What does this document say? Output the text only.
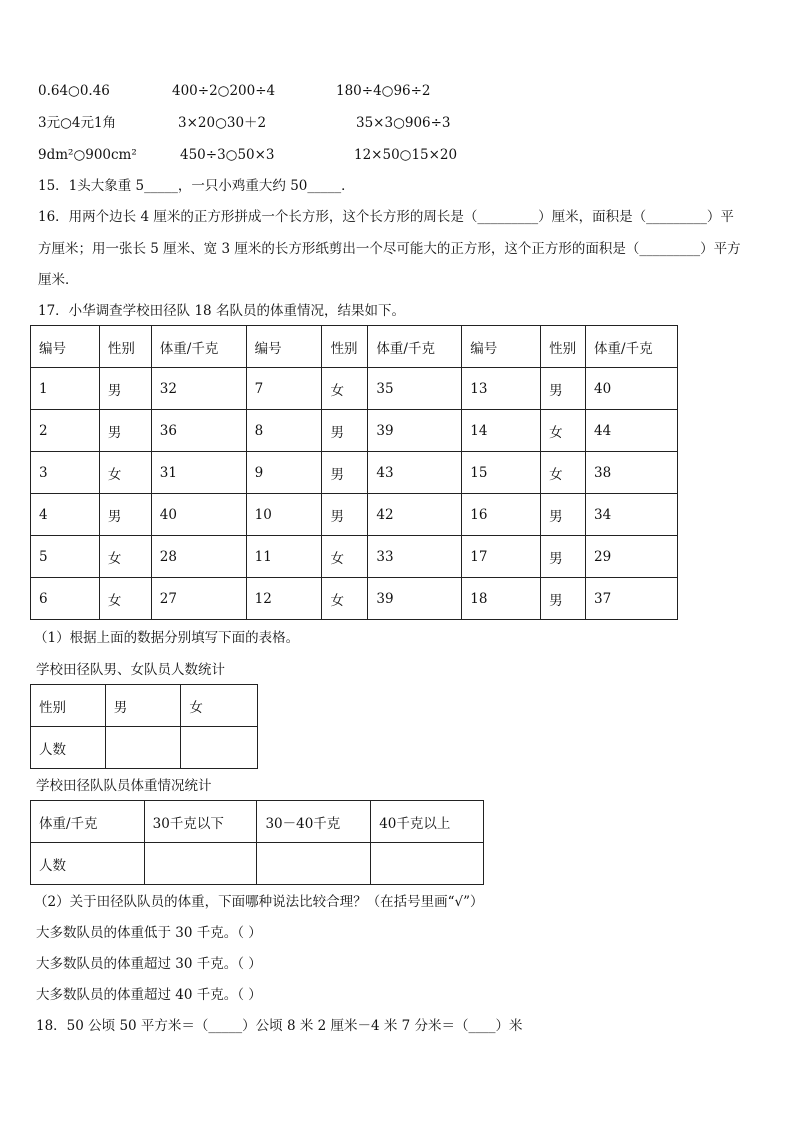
0.64○0.46	400÷2○200÷4	180÷4○96÷2
3元○4元1角	3×20○30＋2	35×3○906÷3
9dm²○900cm²	450÷3○50×3	12×50○15×20
15．1头大象重 5_____，一只小鸡重大约 50_____．
16．用两个边长 4 厘米的正方形拼成一个长方形，这个长方形的周长是（_________）厘米，面积是（_________）平
方厘米；用一张长 5 厘米、宽 3 厘米的长方形纸剪出一个尽可能大的正方形，这个正方形的面积是（_________）平方
厘米．
17．小华调查学校田径队 18 名队员的体重情况，结果如下。
编号	性别	体重/千克	编号	性别	体重/千克	编号	性别	体重/千克
1	男	32	7	女	35	13	男	40
2	男	36	8	男	39	14	女	44
3	女	31	9	男	43	15	女	38
4	男	40	10	男	42	16	男	34
5	女	28	11	女	33	17	男	29
6	女	27	12	女	39	18	男	37
（1）根据上面的数据分别填写下面的表格。
学校田径队男、女队员人数统计
性别	男	女
人数		
学校田径队队员体重情况统计
体重/千克	30千克以下	30－40千克	40千克以上
人数			
（2）关于田径队队员的体重，下面哪种说法比较合理？（在括号里画“√”）
大多数队员的体重低于 30 千克。（ ）
大多数队员的体重超过 30 千克。（ ）
大多数队员的体重超过 40 千克。（ ）
18．50 公顷 50 平方米＝（_____）公顷 8 米 2 厘米－4 米 7 分米＝（____）米
